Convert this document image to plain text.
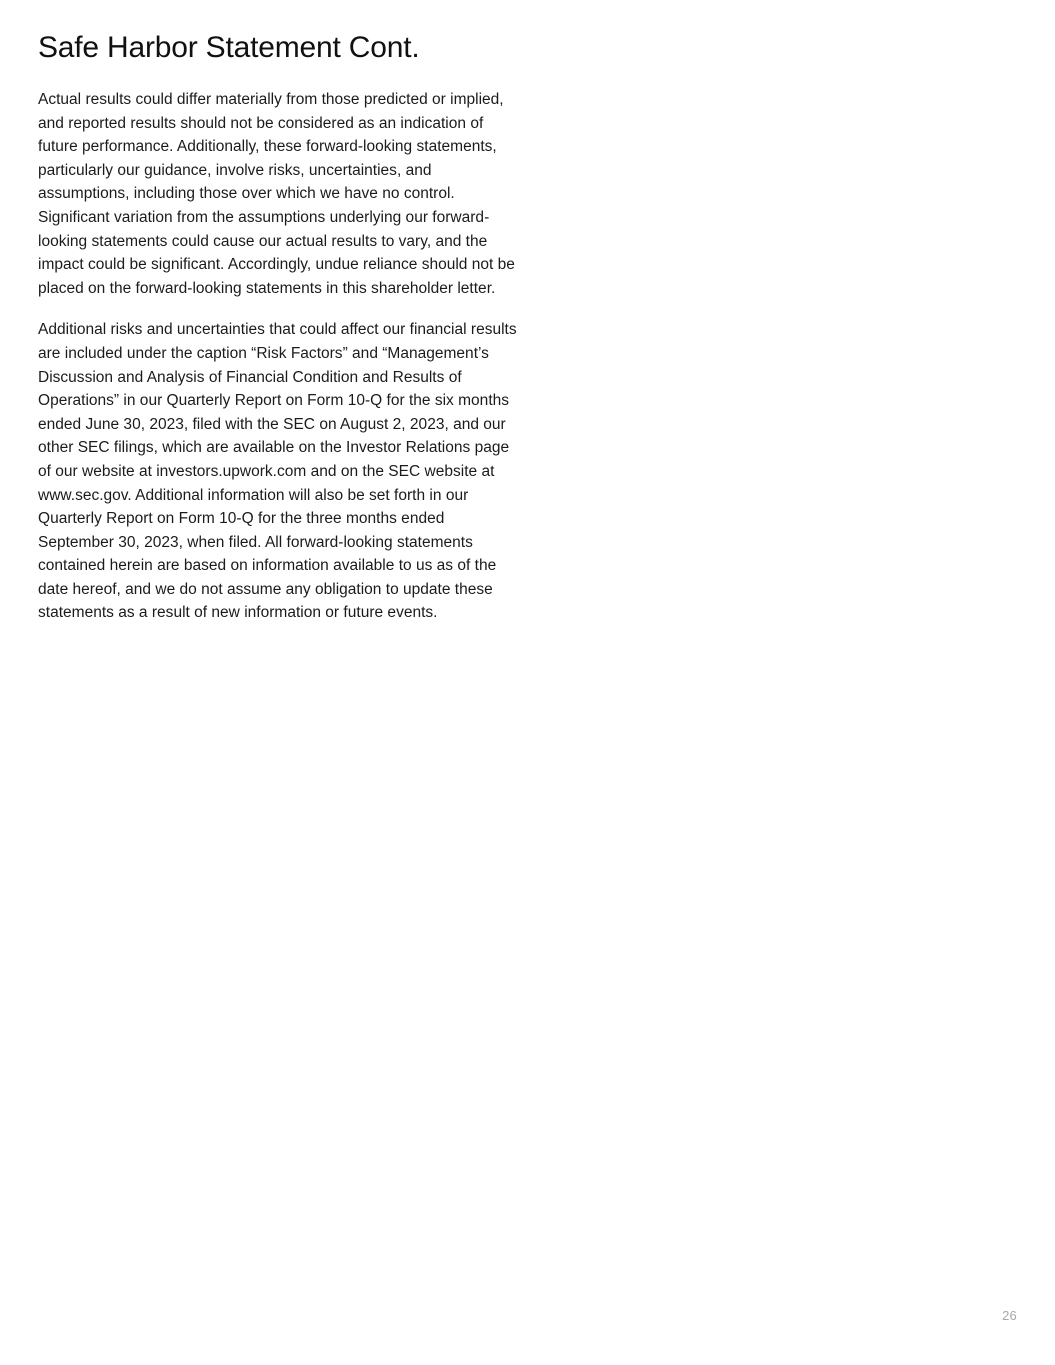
Safe Harbor Statement Cont.

Actual results could differ materially from those predicted or implied, and reported results should not be considered as an indication of future performance. Additionally, these forward-looking statements, particularly our guidance, involve risks, uncertainties, and assumptions, including those over which we have no control. Significant variation from the assumptions underlying our forward-looking statements could cause our actual results to vary, and the impact could be significant. Accordingly, undue reliance should not be placed on the forward-looking statements in this shareholder letter.

Additional risks and uncertainties that could affect our financial results are included under the caption “Risk Factors” and “Management’s Discussion and Analysis of Financial Condition and Results of Operations” in our Quarterly Report on Form 10-Q for the six months ended June 30, 2023, filed with the SEC on August 2, 2023, and our other SEC filings, which are available on the Investor Relations page of our website at investors.upwork.com and on the SEC website at www.sec.gov. Additional information will also be set forth in our Quarterly Report on Form 10-Q for the three months ended September 30, 2023, when filed. All forward-looking statements contained herein are based on information available to us as of the date hereof, and we do not assume any obligation to update these statements as a result of new information or future events.

26
